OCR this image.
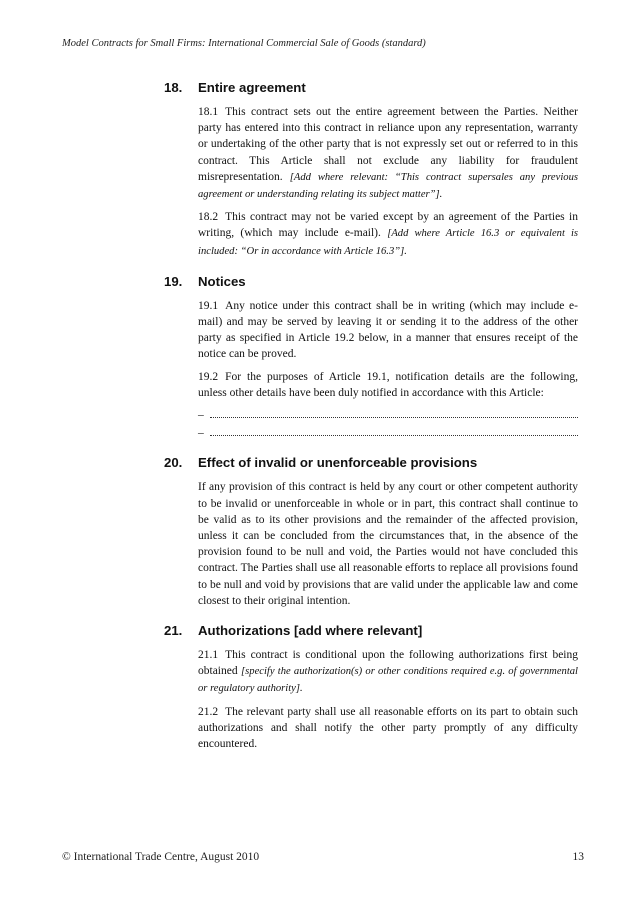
Model Contracts for Small Firms: International Commercial Sale of Goods (standard)
18.	Entire agreement
18.1 This contract sets out the entire agreement between the Parties. Neither party has entered into this contract in reliance upon any representation, warranty or undertaking of the other party that is not expressly set out or referred to in this contract. This Article shall not exclude any liability for fraudulent misrepresentation. [Add where relevant: “This contract supersales any previous agreement or understanding relating its subject matter”].
18.2 This contract may not be varied except by an agreement of the Parties in writing, (which may include e-mail). [Add where Article 16.3 or equivalent is included: “Or in accordance with Article 16.3”].
19.	Notices
19.1 Any notice under this contract shall be in writing (which may include e-mail) and may be served by leaving it or sending it to the address of the other party as specified in Article 19.2 below, in a manner that ensures receipt of the notice can be proved.
19.2 For the purposes of Article 19.1, notification details are the following, unless other details have been duly notified in accordance with this Article:
–
–
20.	Effect of invalid or unenforceable provisions
If any provision of this contract is held by any court or other competent authority to be invalid or unenforceable in whole or in part, this contract shall continue to be valid as to its other provisions and the remainder of the affected provision, unless it can be concluded from the circumstances that, in the absence of the provision found to be null and void, the Parties would not have concluded this contract. The Parties shall use all reasonable efforts to replace all provisions found to be null and void by provisions that are valid under the applicable law and come closest to their original intention.
21.	Authorizations [add where relevant]
21.1 This contract is conditional upon the following authorizations first being obtained [specify the authorization(s) or other conditions required e.g. of governmental or regulatory authority].
21.2 The relevant party shall use all reasonable efforts on its part to obtain such authorizations and shall notify the other party promptly of any difficulty encountered.
© International Trade Centre, August 2010	13
